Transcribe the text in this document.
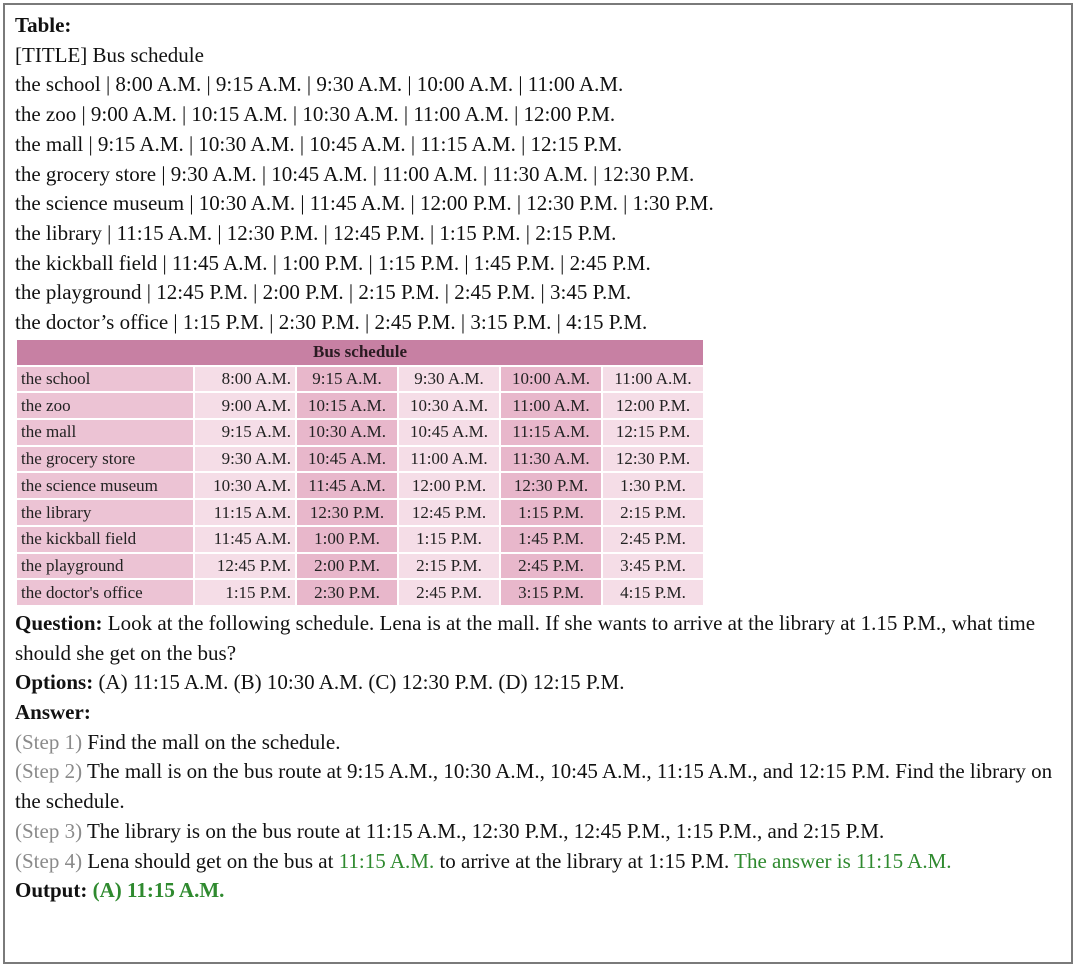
Table:
[TITLE] Bus schedule
the school | 8:00 A.M. | 9:15 A.M. | 9:30 A.M. | 10:00 A.M. | 11:00 A.M.
the zoo | 9:00 A.M. | 10:15 A.M. | 10:30 A.M. | 11:00 A.M. | 12:00 P.M.
the mall | 9:15 A.M. | 10:30 A.M. | 10:45 A.M. | 11:15 A.M. | 12:15 P.M.
the grocery store | 9:30 A.M. | 10:45 A.M. | 11:00 A.M. | 11:30 A.M. | 12:30 P.M.
the science museum | 10:30 A.M. | 11:45 A.M. | 12:00 P.M. | 12:30 P.M. | 1:30 P.M.
the library | 11:15 A.M. | 12:30 P.M. | 12:45 P.M. | 1:15 P.M. | 2:15 P.M.
the kickball field | 11:45 A.M. | 1:00 P.M. | 1:15 P.M. | 1:45 P.M. | 2:45 P.M.
the playground | 12:45 P.M. | 2:00 P.M. | 2:15 P.M. | 2:45 P.M. | 3:45 P.M.
the doctor’s office | 1:15 P.M. | 2:30 P.M. | 2:45 P.M. | 3:15 P.M. | 4:15 P.M.
Bus schedule
the school	8:00 A.M.	9:15 A.M.	9:30 A.M.	10:00 A.M.	11:00 A.M.
the zoo	9:00 A.M.	10:15 A.M.	10:30 A.M.	11:00 A.M.	12:00 P.M.
the mall	9:15 A.M.	10:30 A.M.	10:45 A.M.	11:15 A.M.	12:15 P.M.
the grocery store	9:30 A.M.	10:45 A.M.	11:00 A.M.	11:30 A.M.	12:30 P.M.
the science museum	10:30 A.M.	11:45 A.M.	12:00 P.M.	12:30 P.M.	1:30 P.M.
the library	11:15 A.M.	12:30 P.M.	12:45 P.M.	1:15 P.M.	2:15 P.M.
the kickball field	11:45 A.M.	1:00 P.M.	1:15 P.M.	1:45 P.M.	2:45 P.M.
the playground	12:45 P.M.	2:00 P.M.	2:15 P.M.	2:45 P.M.	3:45 P.M.
the doctor's office	1:15 P.M.	2:30 P.M.	2:45 P.M.	3:15 P.M.	4:15 P.M.
Question: Look at the following schedule. Lena is at the mall. If she wants to arrive at the library at 1.15 P.M., what time should she get on the bus?
Options: (A) 11:15 A.M. (B) 10:30 A.M. (C) 12:30 P.M. (D) 12:15 P.M.
Answer:
(Step 1) Find the mall on the schedule.
(Step 2) The mall is on the bus route at 9:15 A.M., 10:30 A.M., 10:45 A.M., 11:15 A.M., and 12:15 P.M. Find the library on the schedule.
(Step 3) The library is on the bus route at 11:15 A.M., 12:30 P.M., 12:45 P.M., 1:15 P.M., and 2:15 P.M.
(Step 4) Lena should get on the bus at 11:15 A.M. to arrive at the library at 1:15 P.M. The answer is 11:15 A.M.
Output: (A) 11:15 A.M.
